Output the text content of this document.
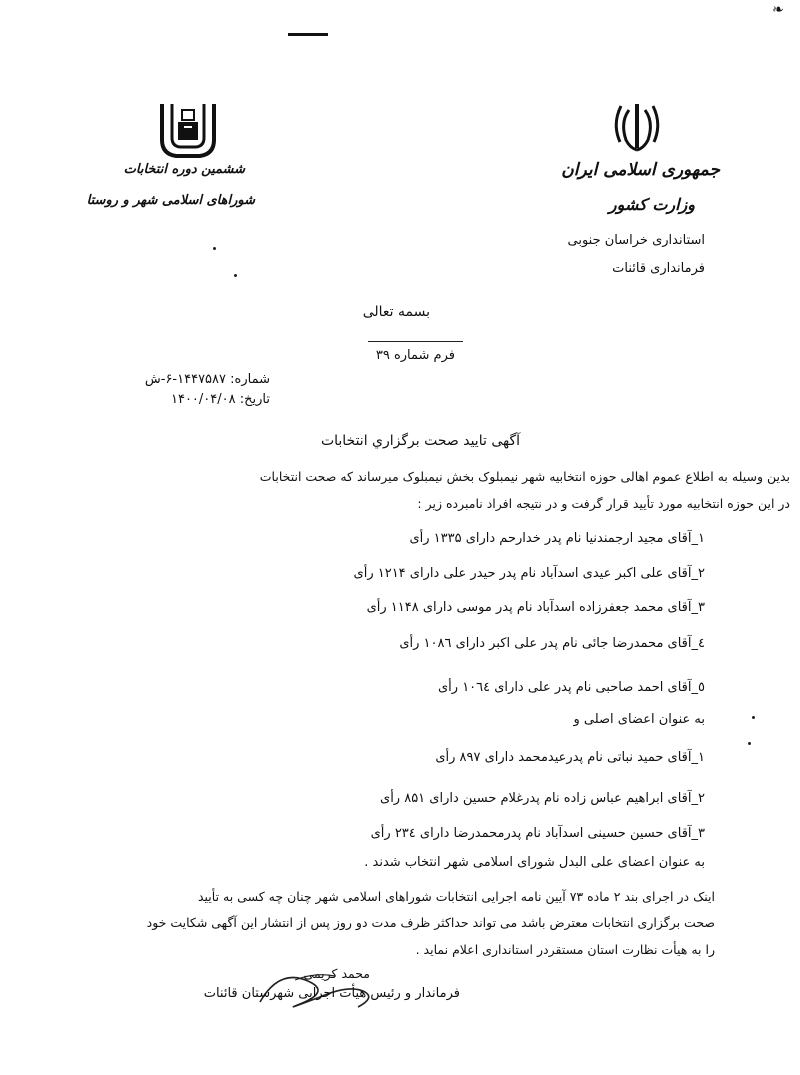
❧
ششمین دوره انتخابات
شوراهای اسلامی شهر و روستا
جمهوری اسلامی ایران
وزارت کشور
استانداری خراسان جنوبی
فرمانداری قائنات
بسمه تعالی
فرم شماره ۳۹
شماره: ۱۴۴۷۵۸۷-۶-ش
تاریخ: ۱۴۰۰/۰۴/۰۸
آگهی تایید صحت برگزاري انتخابات
بدین وسیله به اطلاع عموم اهالی حوزه انتخابیه شهر نیمبلوک بخش نیمبلوک میرساند که صحت انتخابات
در این حوزه انتخابیه مورد تأیید قرار گرفت و در نتیجه افراد نامبرده زیر :
۱_آقای مجید ارجمندنیا نام پدر خدارحم دارای ۱۳۳۵ رأی
۲_آقای علی اکبر عیدی اسدآباد نام پدر حیدر علی دارای ۱۲۱۴ رأی
۳_آقای محمد جعفرزاده اسدآباد نام پدر موسی دارای ۱۱۴۸ رأی
٤_آقای محمدرضا جائی نام پدر علی اکبر دارای ۱۰۸٦ رأی
٥_آقای احمد صاحبی نام پدر علی دارای ۱۰٦٤ رأی
به عنوان اعضای اصلی و
۱_آقای حمید نباتی نام پدرعیدمحمد دارای ۸۹۷ رأی
۲_آقای ابراهیم عباس زاده نام پدرغلام حسین دارای ۸۵۱ رأی
۳_آقای حسین حسینی اسدآباد نام پدرمحمدرضا دارای ۲۳٤ رأی
به عنوان اعضای علی البدل شورای اسلامی شهر انتخاب شدند .
اینک در اجرای بند ۲ ماده ۷۳ آیین نامه اجرایی انتخابات شوراهای اسلامی شهر چنان چه کسی به تأیید
صحت برگزاری انتخابات معترض باشد می تواند حداکثر ظرف مدت دو روز پس از انتشار این آگهی شکایت خود
را به هیأت نظارت استان مستقردر استانداری اعلام نماید .
محمد کریمی
فرماندار و رئیس هیأت اجرایی شهرستان قائنات
